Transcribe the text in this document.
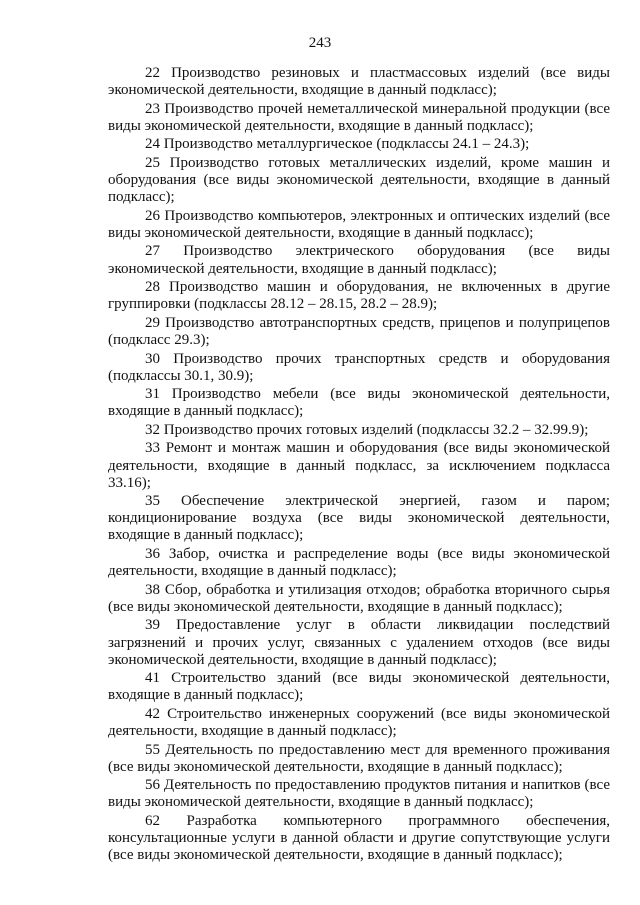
243

22 Производство резиновых и пластмассовых изделий (все виды экономической деятельности, входящие в данный подкласс);

23 Производство прочей неметаллической минеральной продукции (все виды экономической деятельности, входящие в данный подкласс);

24 Производство металлургическое (подклассы 24.1 – 24.3);

25 Производство готовых металлических изделий, кроме машин и оборудования (все виды экономической деятельности, входящие в данный подкласс);

26 Производство компьютеров, электронных и оптических изделий (все виды экономической деятельности, входящие в данный подкласс);

27 Производство электрического оборудования (все виды экономической деятельности, входящие в данный подкласс);

28 Производство машин и оборудования, не включенных в другие группировки (подклассы 28.12 – 28.15, 28.2 – 28.9);

29 Производство автотранспортных средств, прицепов и полуприцепов (подкласс 29.3);

30 Производство прочих транспортных средств и оборудования (подклассы 30.1, 30.9);

31 Производство мебели (все виды экономической деятельности, входящие в данный подкласс);

32 Производство прочих готовых изделий (подклассы 32.2 – 32.99.9);

33 Ремонт и монтаж машин и оборудования (все виды экономической деятельности, входящие в данный подкласс, за исключением подкласса 33.16);

35 Обеспечение электрической энергией, газом и паром; кондиционирование воздуха (все виды экономической деятельности, входящие в данный подкласс);

36 Забор, очистка и распределение воды (все виды экономической деятельности, входящие в данный подкласс);

38 Сбор, обработка и утилизация отходов; обработка вторичного сырья (все виды экономической деятельности, входящие в данный подкласс);

39 Предоставление услуг в области ликвидации последствий загрязнений и прочих услуг, связанных с удалением отходов (все виды экономической деятельности, входящие в данный подкласс);

41 Строительство зданий (все виды экономической деятельности, входящие в данный подкласс);

42 Строительство инженерных сооружений (все виды экономической деятельности, входящие в данный подкласс);

55 Деятельность по предоставлению мест для временного проживания (все виды экономической деятельности, входящие в данный подкласс);

56 Деятельность по предоставлению продуктов питания и напитков (все виды экономической деятельности, входящие в данный подкласс);

62 Разработка компьютерного программного обеспечения, консультационные услуги в данной области и другие сопутствующие услуги (все виды экономической деятельности, входящие в данный подкласс);
